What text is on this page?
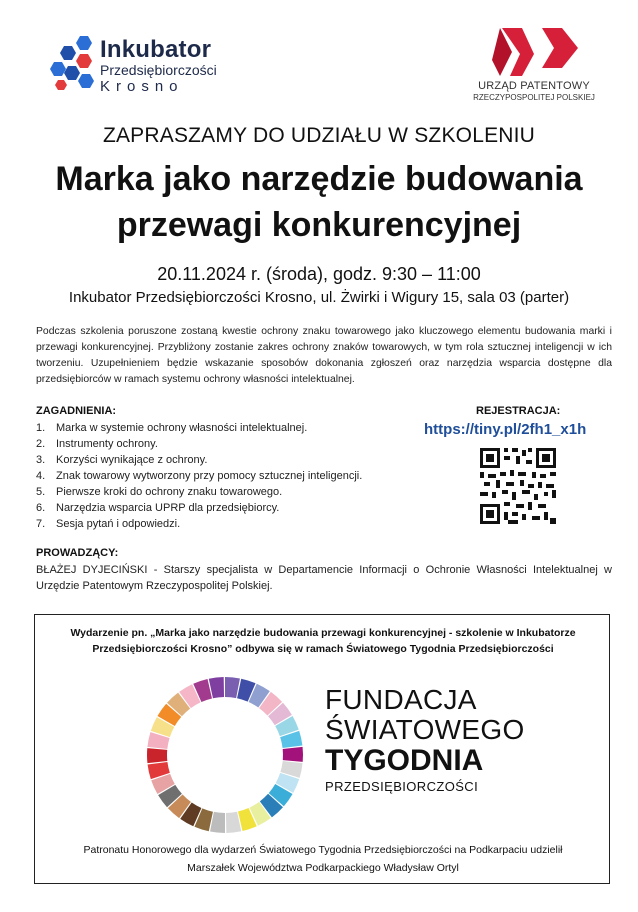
Inkubator
Przedsiębiorczości
Krosno	URZĄD PATENTOWY
RZECZYPOSPOLITEJ POLSKIEJ
ZAPRASZAMY DO UDZIAŁU W SZKOLENIU
Marka jako narzędzie budowania
przewagi konkurencyjnej
20.11.2024 r. (środa), godz. 9:30 – 11:00
Inkubator Przedsiębiorczości Krosno, ul. Żwirki i Wigury 15, sala 03 (parter)
Podczas szkolenia poruszone zostaną kwestie ochrony znaku towarowego jako kluczowego elementu budowania marki i przewagi konkurencyjnej. Przybliżony zostanie zakres ochrony znaków towarowych, w tym rola sztucznej inteligencji w ich tworzeniu. Uzupełnieniem będzie wskazanie sposobów dokonania zgłoszeń oraz narzędzia wsparcia dostępne dla przedsiębiorców w ramach systemu ochrony własności intelektualnej.
ZAGADNIENIA:
1. Marka w systemie ochrony własności intelektualnej.
2. Instrumenty ochrony.
3. Korzyści wynikające z ochrony.
4. Znak towarowy wytworzony przy pomocy sztucznej inteligencji.
5. Pierwsze kroki do ochrony znaku towarowego.
6. Narzędzia wsparcia UPRP dla przedsiębiorcy.
7. Sesja pytań i odpowiedzi.
REJESTRACJA:
https://tiny.pl/2fh1_x1h
PROWADZĄCY:
BŁAŻEJ DYJECIŃSKI - Starszy specjalista w Departamencie Informacji o Ochronie Własności Intelektualnej w Urzędzie Patentowym Rzeczypospolitej Polskiej.
Wydarzenie pn. „Marka jako narzędzie budowania przewagi konkurencyjnej - szkolenie w Inkubatorze
Przedsiębiorczości Krosno” odbywa się w ramach Światowego Tygodnia Przedsiębiorczości
FUNDACJA
ŚWIATOWEGO
TYGODNIA
PRZEDSIĘBIORCZOŚCI
Patronatu Honorowego dla wydarzeń Światowego Tygodnia Przedsiębiorczości na Podkarpaciu udzielił
Marszałek Województwa Podkarpackiego Władysław Ortyl
